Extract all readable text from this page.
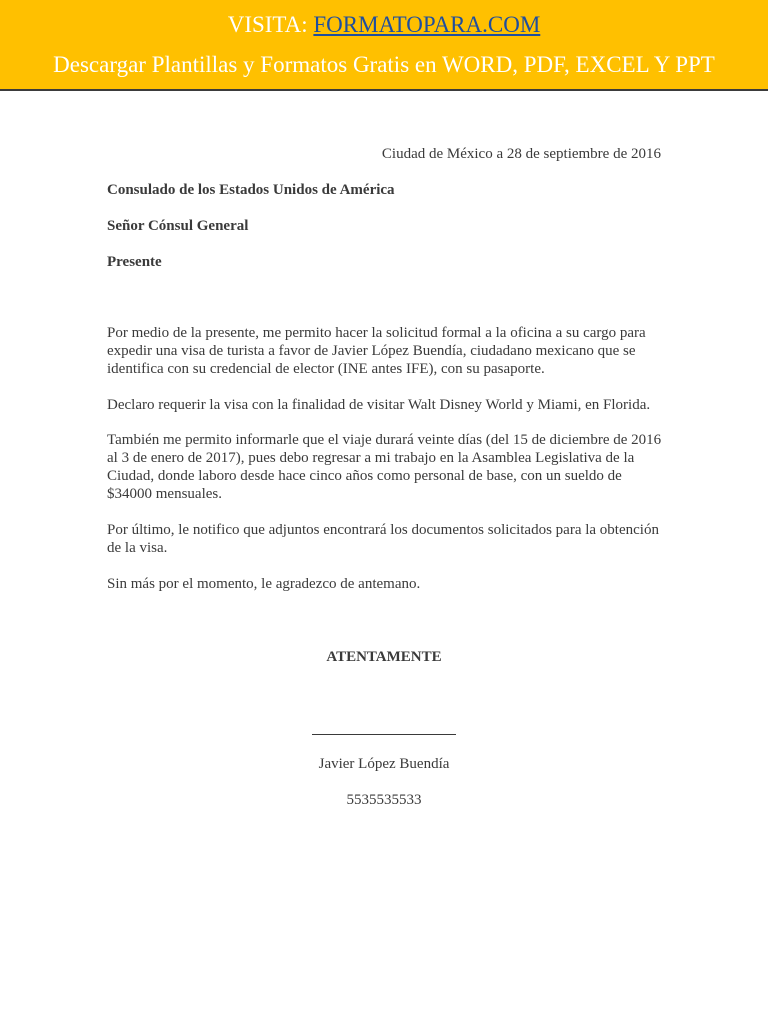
VISITA: FORMATOPARA.COM
Descargar Plantillas y Formatos Gratis en WORD, PDF, EXCEL Y PPT
Ciudad de México a 28 de septiembre de 2016
Consulado de los Estados Unidos de América
Señor Cónsul General
Presente

Por medio de la presente, me permito hacer la solicitud formal a la oficina a su cargo para expedir una visa de turista a favor de Javier López Buendía, ciudadano mexicano que se identifica con su credencial de elector (INE antes IFE), con su pasaporte.

Declaro requerir la visa con la finalidad de visitar Walt Disney World y Miami, en Florida.

También me permito informarle que el viaje durará veinte días (del 15 de diciembre de 2016 al 3 de enero de 2017), pues debo regresar a mi trabajo en la Asamblea Legislativa de la Ciudad, donde laboro desde hace cinco años como personal de base, con un sueldo de $34000 mensuales.

Por último, le notifico que adjuntos encontrará los documentos solicitados para la obtención de la visa.

Sin más por el momento, le agradezco de antemano.

ATENTAMENTE
Javier López Buendía
5535535533
